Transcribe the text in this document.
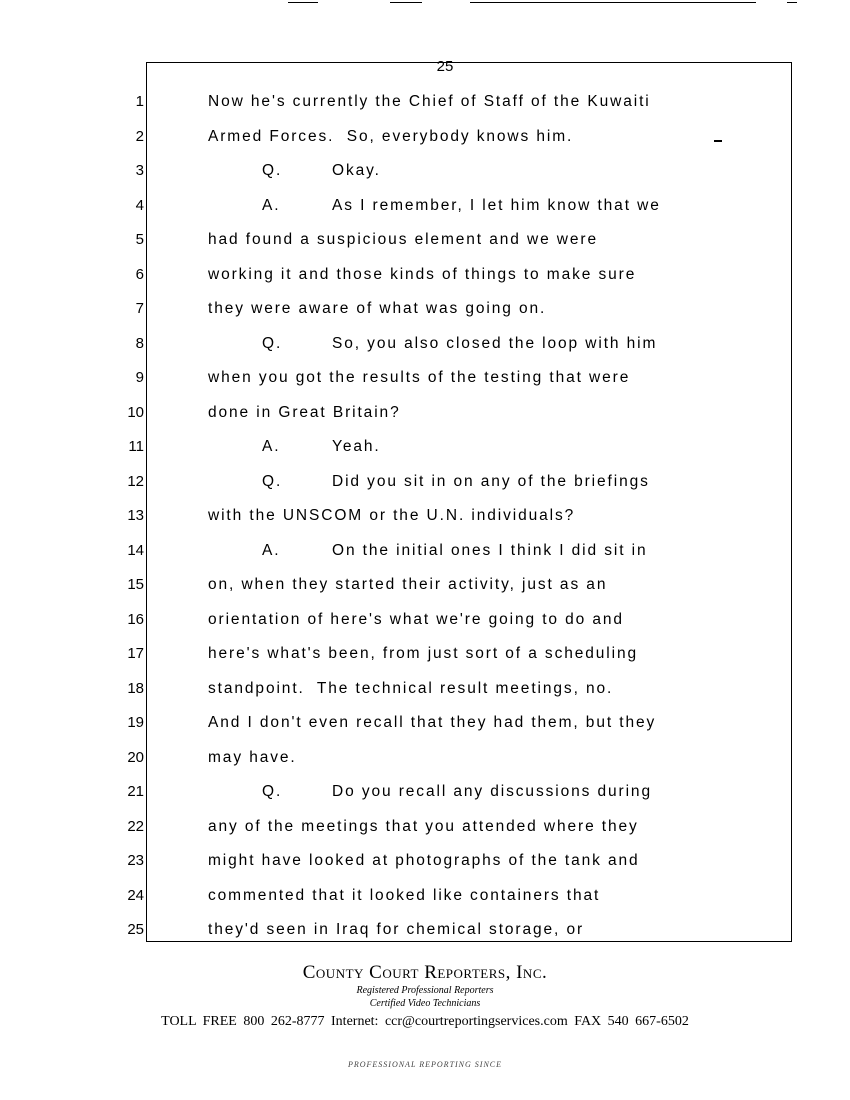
25
1	Now he's currently the Chief of Staff of the Kuwaiti
2	Armed Forces.  So, everybody knows him.
3	Q.	Okay.
4	A.	As I remember, I let him know that we
5	had found a suspicious element and we were
6	working it and those kinds of things to make sure
7	they were aware of what was going on.
8	Q.	So, you also closed the loop with him
9	when you got the results of the testing that were
10	done in Great Britain?
11	A.	Yeah.
12	Q.	Did you sit in on any of the briefings
13	with the UNSCOM or the U.N. individuals?
14	A.	On the initial ones I think I did sit in
15	on, when they started their activity, just as an
16	orientation of here's what we're going to do and
17	here's what's been, from just sort of a scheduling
18	standpoint.  The technical result meetings, no.
19	And I don't even recall that they had them, but they
20	may have.
21	Q.	Do you recall any discussions during
22	any of the meetings that you attended where they
23	might have looked at photographs of the tank and
24	commented that it looked like containers that
25	they'd seen in Iraq for chemical storage, or
County Court Reporters, Inc.
Registered Professional Reporters
Certified Video Technicians
TOLL FREE 800 262-8777 Internet: ccr@courtreportingservices.com FAX 540 667-6502
PROFESSIONAL REPORTING SINCE
